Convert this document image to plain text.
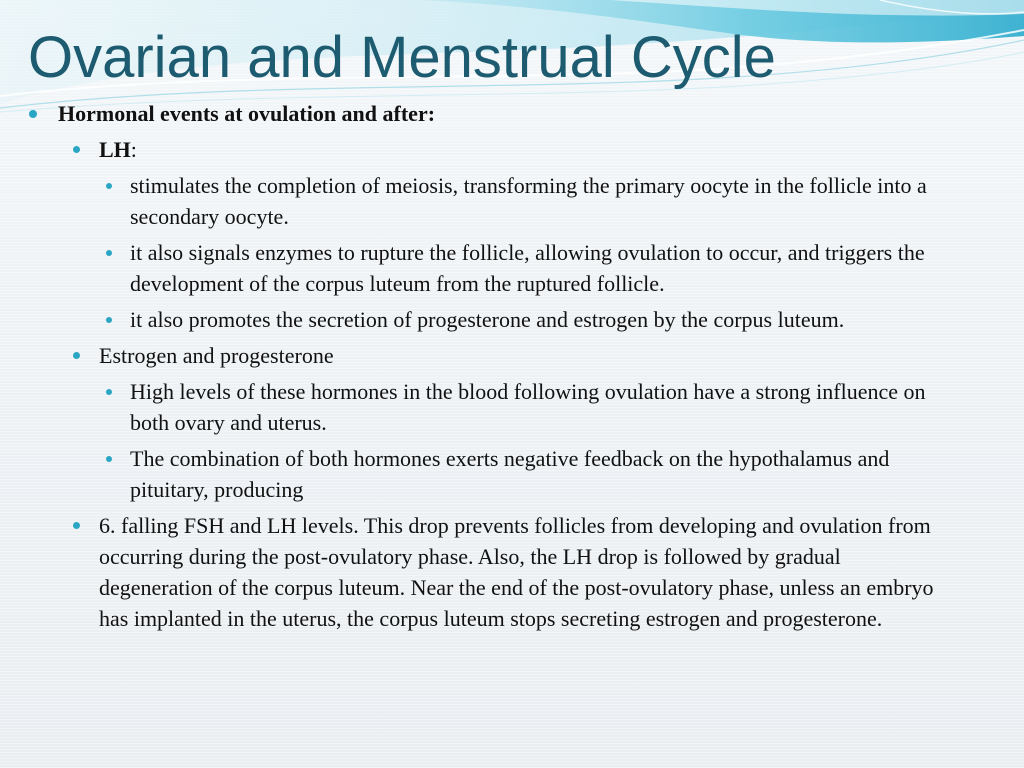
Ovarian and Menstrual Cycle
Hormonal events at ovulation and after:
LH:
stimulates the completion of meiosis, transforming the primary oocyte in the follicle into a secondary oocyte.
it also signals enzymes to rupture the follicle, allowing ovulation to occur, and triggers the development of the corpus luteum from the ruptured follicle.
it also promotes the secretion of progesterone and estrogen by the corpus luteum.
Estrogen and progesterone
High levels of these hormones in the blood following ovulation have a strong influence on both ovary and uterus.
The combination of both hormones exerts negative feedback on the hypothalamus and pituitary, producing
6. falling FSH and LH levels. This drop prevents follicles from developing and ovulation from occurring during the post-ovulatory phase. Also, the LH drop is followed by gradual degeneration of the corpus luteum. Near the end of the post-ovulatory phase, unless an embryo has implanted in the uterus, the corpus luteum stops secreting estrogen and progesterone.
